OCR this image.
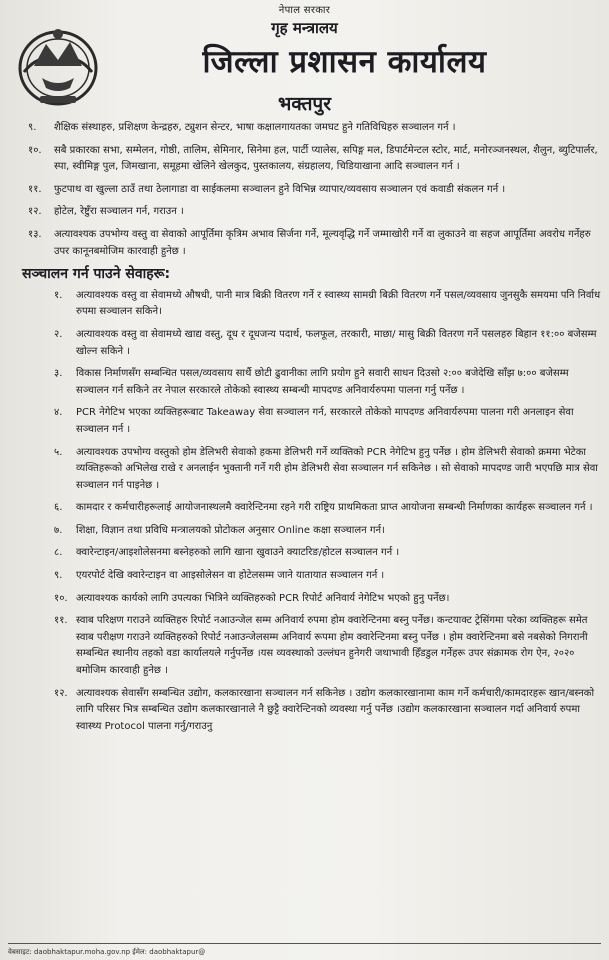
नेपाल सरकार
गृह मन्त्रालय
जिल्ला प्रशासन कार्यालय
भक्तपुर
९.	शैक्षिक संस्थाहरु, प्रशिक्षण केन्द्रहरु, ट्युशन सेन्टर, भाषा कक्षालगायतका जमघट हुने गतिविधिहरु सञ्चालन गर्न ।
१०.	सबै प्रकारका सभा, सम्मेलन, गोष्ठी, तालिम, सेमिनार, सिनेमा हल, पार्टी प्यालेस, सपिङ्ग मल, डिपार्टमेन्टल स्टोर, मार्ट, मनोरञ्जनस्थल, शैलुन, ब्युटिपार्लर, स्पा, स्वीमिङ्ग पुल, जिमखाना, समूहमा खेलिने खेलकुद, पुस्तकालय, संग्रहालय, चिडियाखाना आदि सञ्चालन गर्न ।
११.	फुटपाथ वा खुल्ला ठाउँ तथा ठेलागाडा वा साईकलमा सञ्चालन हुने विभिन्न व्यापार/व्यवसाय सञ्चालन एवं कवाडी संकलन गर्न ।
१२.	होटेल, रेष्टुँरा सञ्चालन गर्न, गराउन ।
१३.	अत्यावश्यक उपभोग्य वस्तु वा सेवाको आपूर्तिमा कृत्रिम अभाव सिर्जना गर्ने, मूल्यवृद्धि गर्ने जम्माखोरी गर्ने वा लुकाउने वा सहज आपूर्तिमा अवरोध गर्नेहरु उपर कानूनबमोजिम कारवाही हुनेछ ।
सञ्चालन गर्न पाउने सेवाहरू:
१.	अत्यावश्यक वस्तु वा सेवामध्ये औषधी, पानी मात्र बिक्री वितरण गर्ने र स्वास्थ्य सामग्री बिक्री वितरण गर्ने पसल/व्यवसाय जुनसुकै समयमा पनि निर्वाध रुपमा सञ्चालन सकिने।
२.	अत्यावश्यक वस्तु वा सेवामध्ये खाद्य वस्तु, दूध र दूधजन्य पदार्थ, फलफूल, तरकारी, माछा/ मासु बिक्री वितरण गर्ने पसलहरु बिहान ११:०० बजेसम्म खोल्न सकिने ।
३.	विकास निर्माणसँग सम्बन्धित पसल/व्यवसाय सार्थै छोटी ढुवानीका लागि प्रयोग हुने सवारी साधन दिउसो २:०० बजेदेखि साँझ ७:०० बजेसम्म सञ्चालन गर्न सकिने तर नेपाल सरकारले तोकेको स्वास्थ्य सम्बन्धी मापदण्ड अनिवार्यरुपमा पालना गर्नु पर्नेछ ।
४.	PCR नेगेटिभ भएका व्यक्तिहरूबाट Takeaway सेवा सञ्चालन गर्न, सरकारले तोकेको मापदण्ड अनिवार्यरुपमा पालना गरी अनलाइन सेवा सञ्चालन गर्न ।
५.	अत्यावश्यक उपभोग्य वस्तुको होम डेलिभरी सेवाको हकमा डेलिभरी गर्ने व्यक्तिको PCR नेगेटिभ हुनु पर्नेछ । होम डेलिभरी सेवाको क्रममा भेटेका व्यक्तिहरूको अभिलेख राखे र अनलाईन भुक्तानी गर्ने गरी होम डेलिभरी सेवा सञ्चालन गर्न सकिनेछ । सो सेवाको मापदण्ड जारी भएपछि मात्र सेवा सञ्चालन गर्न पाइनेछ ।
६.	कामदार र कर्मचारीहरूलाई आयोजनास्थलमै क्वारेन्टिनमा रहने गरी राष्ट्रिय प्राथमिकता प्राप्त आयोजना सम्बन्धी निर्माणका कार्यहरू सञ्चालन गर्न ।
७.	शिक्षा, विज्ञान तथा प्रविधि मन्त्रालयको प्रोटोकल अनुसार Online कक्षा सञ्चालन गर्न।
८.	क्वारेन्टाइन/आइशोलेसनमा बस्नेहरुको लागि खाना खुवाउने क्याटरिङ/होटल सञ्चालन गर्न ।
९.	एयरपोर्ट देखि क्वारेन्टाइन वा आइसोलेसन वा होटेलसम्म जाने यातायात सञ्चालन गर्न ।
१०. अत्यावश्यक कार्यको लागि उपत्यका भित्रिने व्यक्तिहरुको PCR रिपोर्ट अनिवार्य नेगेटिभ भएको हुनु पर्नेछ।
११. स्वाब परिक्षण गराउने व्यक्तिहरु रिपोर्ट नआउन्जेल सम्म अनिवार्य रुपमा होम क्वारेन्टिनमा बस्नु पर्नेछ। कन्टयाक्ट ट्रेसिंगमा परेका व्यक्तिहरू समेत स्वाब परीक्षण गराउने व्यक्तिहरुको रिपोर्ट नआउन्जेलसम्म अनिवार्य रूपमा होम क्वारेन्टिनमा बस्नु पर्नेछ । होम क्वारेन्टिनमा बसे नबसेको निगरानी सम्बन्धित स्थानीय तहको वडा कार्यालयले गर्नुपर्नेछ ।यस व्यवस्थाको उल्लंघन हुनेगरी जथाभावी हिँडडुल गर्नेहरू उपर संक्रामक रोग ऐन, २०२० बमोजिम कारवाही हुनेछ ।
१२. अत्यावश्यक सेवासँग सम्बन्धित उद्योग, कलकारखाना सञ्चालन गर्न सकिनेछ । उद्योग कलकारखानामा काम गर्ने कर्मचारी/कामदारहरू खान/बस्नको लागि परिसर भित्र सम्बन्धित उद्योग कलकारखानाले नै छुट्टै क्वारेन्टिनको व्यवस्था गर्नु पर्नेछ ।उद्योग कलकारखाना सञ्चालन गर्दा अनिवार्य रुपमा स्वास्थ्य Protocol पालना गर्नु/गराउनु
वेबसाइट: daobhaktapur.moha.gov.np ईमेल: daobhaktapur@
